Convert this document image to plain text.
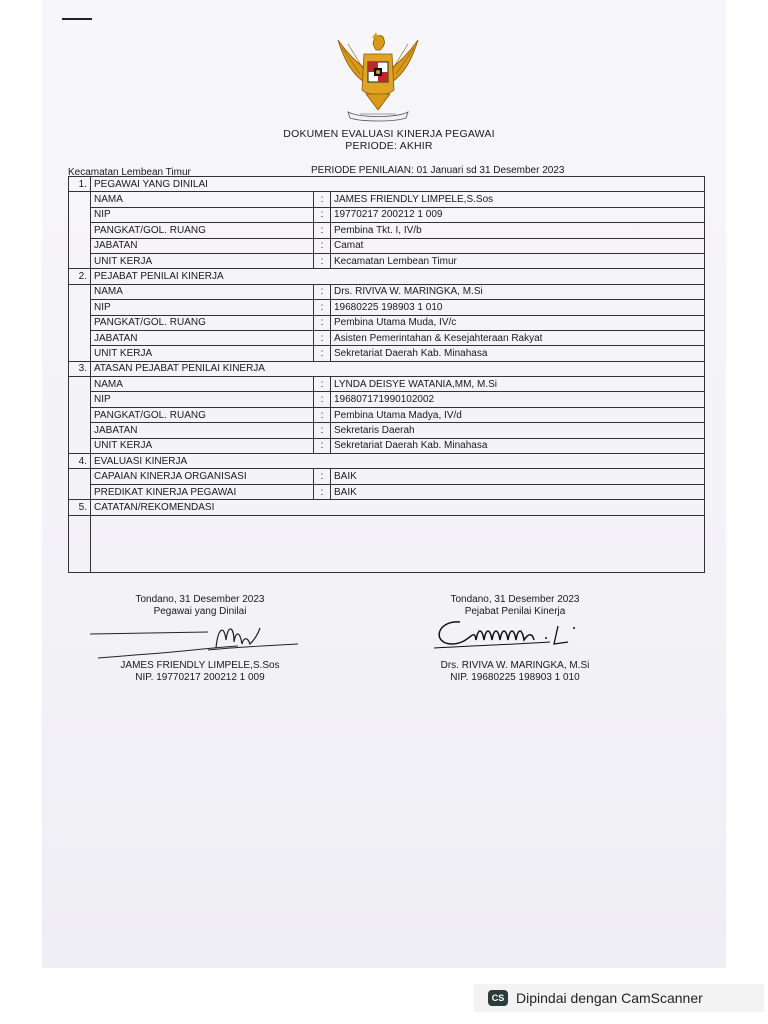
DOKUMEN EVALUASI KINERJA PEGAWAI
PERIODE: AKHIR
Kecamatan Lembean Timur	PERIODE PENILAIAN: 01 Januari sd 31 Desember 2023
1.	PEGAWAI YANG DINILAI		
	NAMA	:	JAMES FRIENDLY LIMPELE,S.Sos
	NIP	:	19770217 200212 1 009
	PANGKAT/GOL. RUANG	:	Pembina Tkt. I, IV/b
	JABATAN	:	Camat
	UNIT KERJA	:	Kecamatan Lembean Timur
2.	PEJABAT PENILAI KINERJA		
	NAMA	:	Drs. RIVIVA W. MARINGKA, M.Si
	NIP	:	19680225 198903 1 010
	PANGKAT/GOL. RUANG	:	Pembina Utama Muda, IV/c
	JABATAN	:	Asisten Pemerintahan & Kesejahteraan Rakyat
	UNIT KERJA	:	Sekretariat Daerah Kab. Minahasa
3.	ATASAN PEJABAT PENILAI KINERJA		
	NAMA	:	LYNDA DEISYE WATANIA,MM, M.Si
	NIP	:	196807171990102002
	PANGKAT/GOL. RUANG	:	Pembina Utama Madya, IV/d
	JABATAN	:	Sekretaris Daerah
	UNIT KERJA	:	Sekretariat Daerah Kab. Minahasa
4.	EVALUASI KINERJA		
	CAPAIAN KINERJA ORGANISASI	:	BAIK
	PREDIKAT KINERJA PEGAWAI	:	BAIK
5.	CATATAN/REKOMENDASI		

Tondano, 31 Desember 2023
Pegawai yang Dinilai
JAMES FRIENDLY LIMPELE,S.Sos
NIP. 19770217 200212 1 009
Tondano, 31 Desember 2023
Pejabat Penilai Kinerja
Drs. RIVIVA W. MARINGKA, M.Si
NIP. 19680225 198903 1 010
CS Dipindai dengan CamScanner
